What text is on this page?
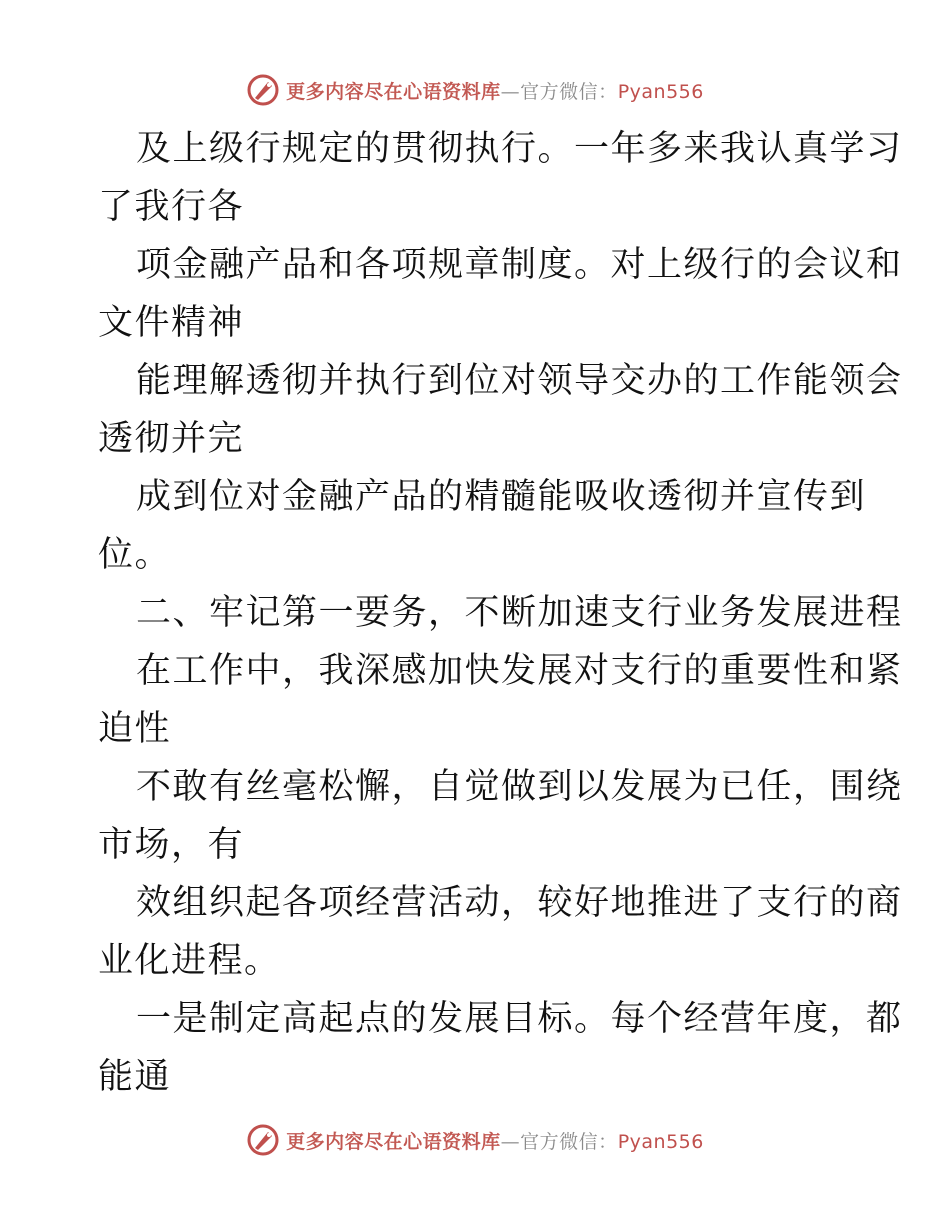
更多内容尽在心语资料库—官方微信：Pyan556
及上级行规定的贯彻执行。一年多来我认真学习
了我行各
项金融产品和各项规章制度。对上级行的会议和
文件精神
能理解透彻并执行到位对领导交办的工作能领会
透彻并完
成到位对金融产品的精髓能吸收透彻并宣传到
位。
二、牢记第一要务，不断加速支行业务发展进程
在工作中，我深感加快发展对支行的重要性和紧
迫性
不敢有丝毫松懈，自觉做到以发展为已任，围绕
市场，有
效组织起各项经营活动，较好地推进了支行的商
业化进程。
一是制定高起点的发展目标。每个经营年度，都
能通
更多内容尽在心语资料库—官方微信：Pyan556
